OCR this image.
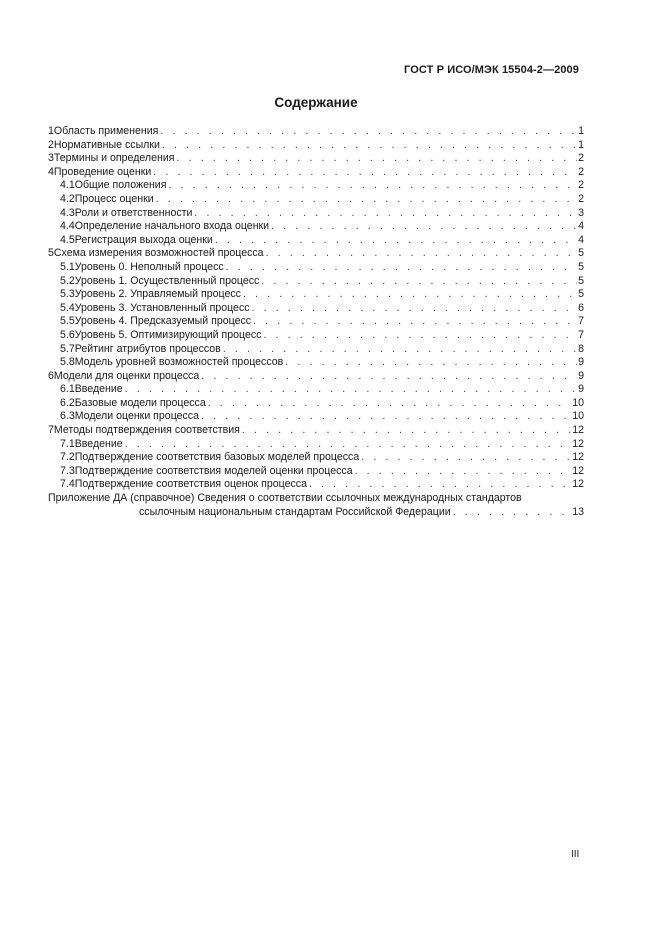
ГОСТ Р ИСО/МЭК 15504-2—2009
Содержание
1 Область применения . . .	1
2 Нормативные ссылки . . .	1
3 Термины и определения . . .	2
4 Проведение оценки . . .	2
4.1 Общие положения . . .	2
4.2 Процесс оценки . . .	2
4.3 Роли и ответственности . . .	3
4.4 Определение начального входа оценки . . .	4
4.5 Регистрация выхода оценки . . .	4
5 Схема измерения возможностей процесса . . .	5
5.1 Уровень 0. Неполный процесс . . .	5
5.2 Уровень 1. Осуществленный процесс . . .	5
5.3 Уровень 2. Управляемый процесс . . .	5
5.4 Уровень 3. Установленный процесс . . .	6
5.5 Уровень 4. Предсказуемый процесс . . .	7
5.6 Уровень 5. Оптимизирующий процесс . . .	7
5.7 Рейтинг атрибутов процессов . . .	8
5.8 Модель уровней возможностей процессов . . .	9
6 Модели для оценки процесса . . .	9
6.1 Введение . . .	9
6.2 Базовые модели процесса . . .	10
6.3 Модели оценки процесса . . .	10
7 Методы подтверждения соответствия . . .	12
7.1 Введение . . .	12
7.2 Подтверждение соответствия базовых моделей процесса . . .	12
7.3 Подтверждение соответствия моделей оценки процесса . . .	12
7.4 Подтверждение соответствия оценок процесса . . .	12
Приложение ДА (справочное) Сведения о соответствии ссылочных международных стандартов
ссылочным национальным стандартам Российской Федерации . . .	13
III
